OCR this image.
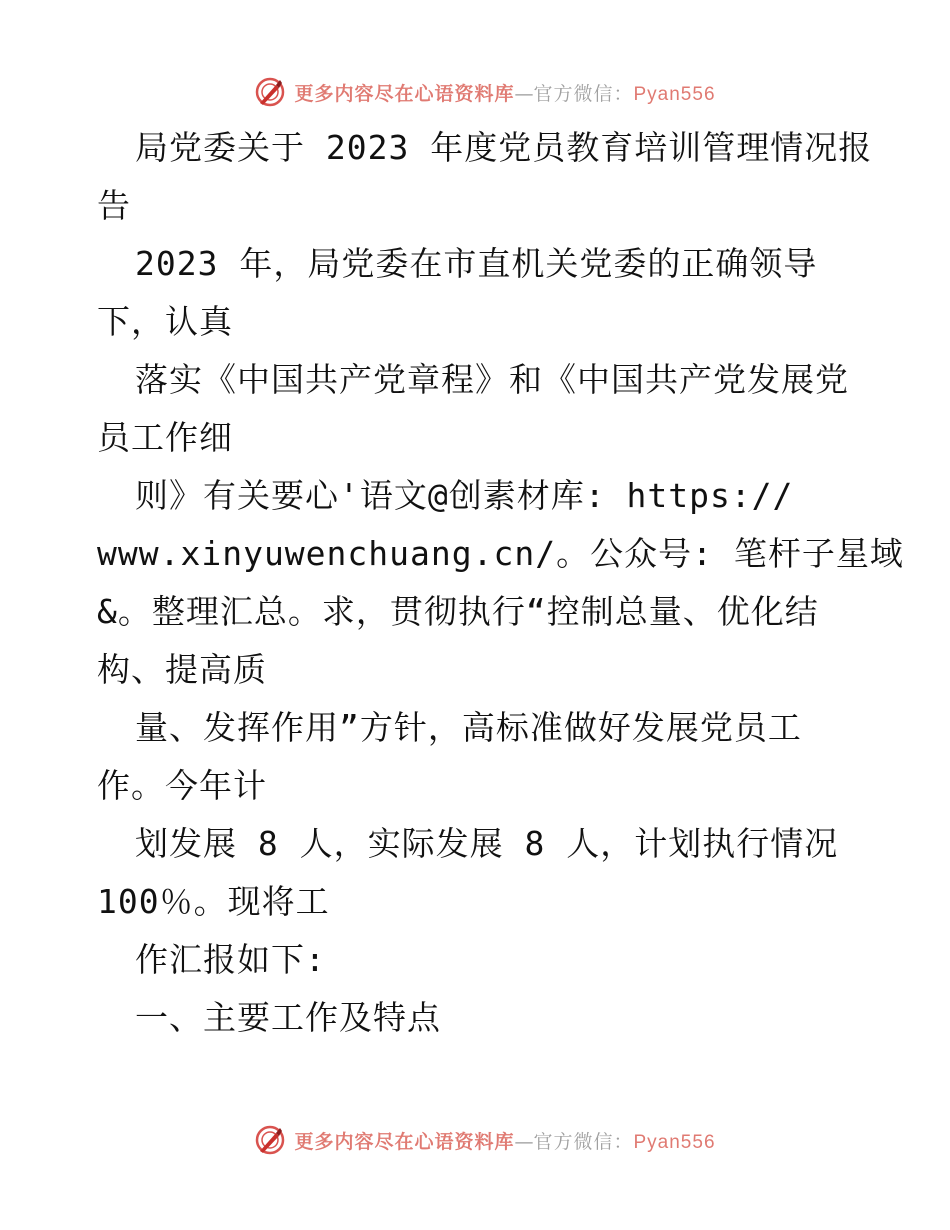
更多内容尽在心语资料库—官方微信：Pyan556
局党委关于 2023 年度党员教育培训管理情况报
告
2023 年，局党委在市直机关党委的正确领导
下，认真
落实《中国共产党章程》和《中国共产党发展党
员工作细
则》有关要心'语文@创素材库: https://
www.xinyuwenchuang.cn/。公众号: 笔杆子星域
&。整理汇总。求，贯彻执行“控制总量、优化结
构、提高质
量、发挥作用”方针，高标准做好发展党员工
作。今年计
划发展 8 人，实际发展 8 人，计划执行情况
100％。现将工
作汇报如下:
一、主要工作及特点
更多内容尽在心语资料库—官方微信：Pyan556
